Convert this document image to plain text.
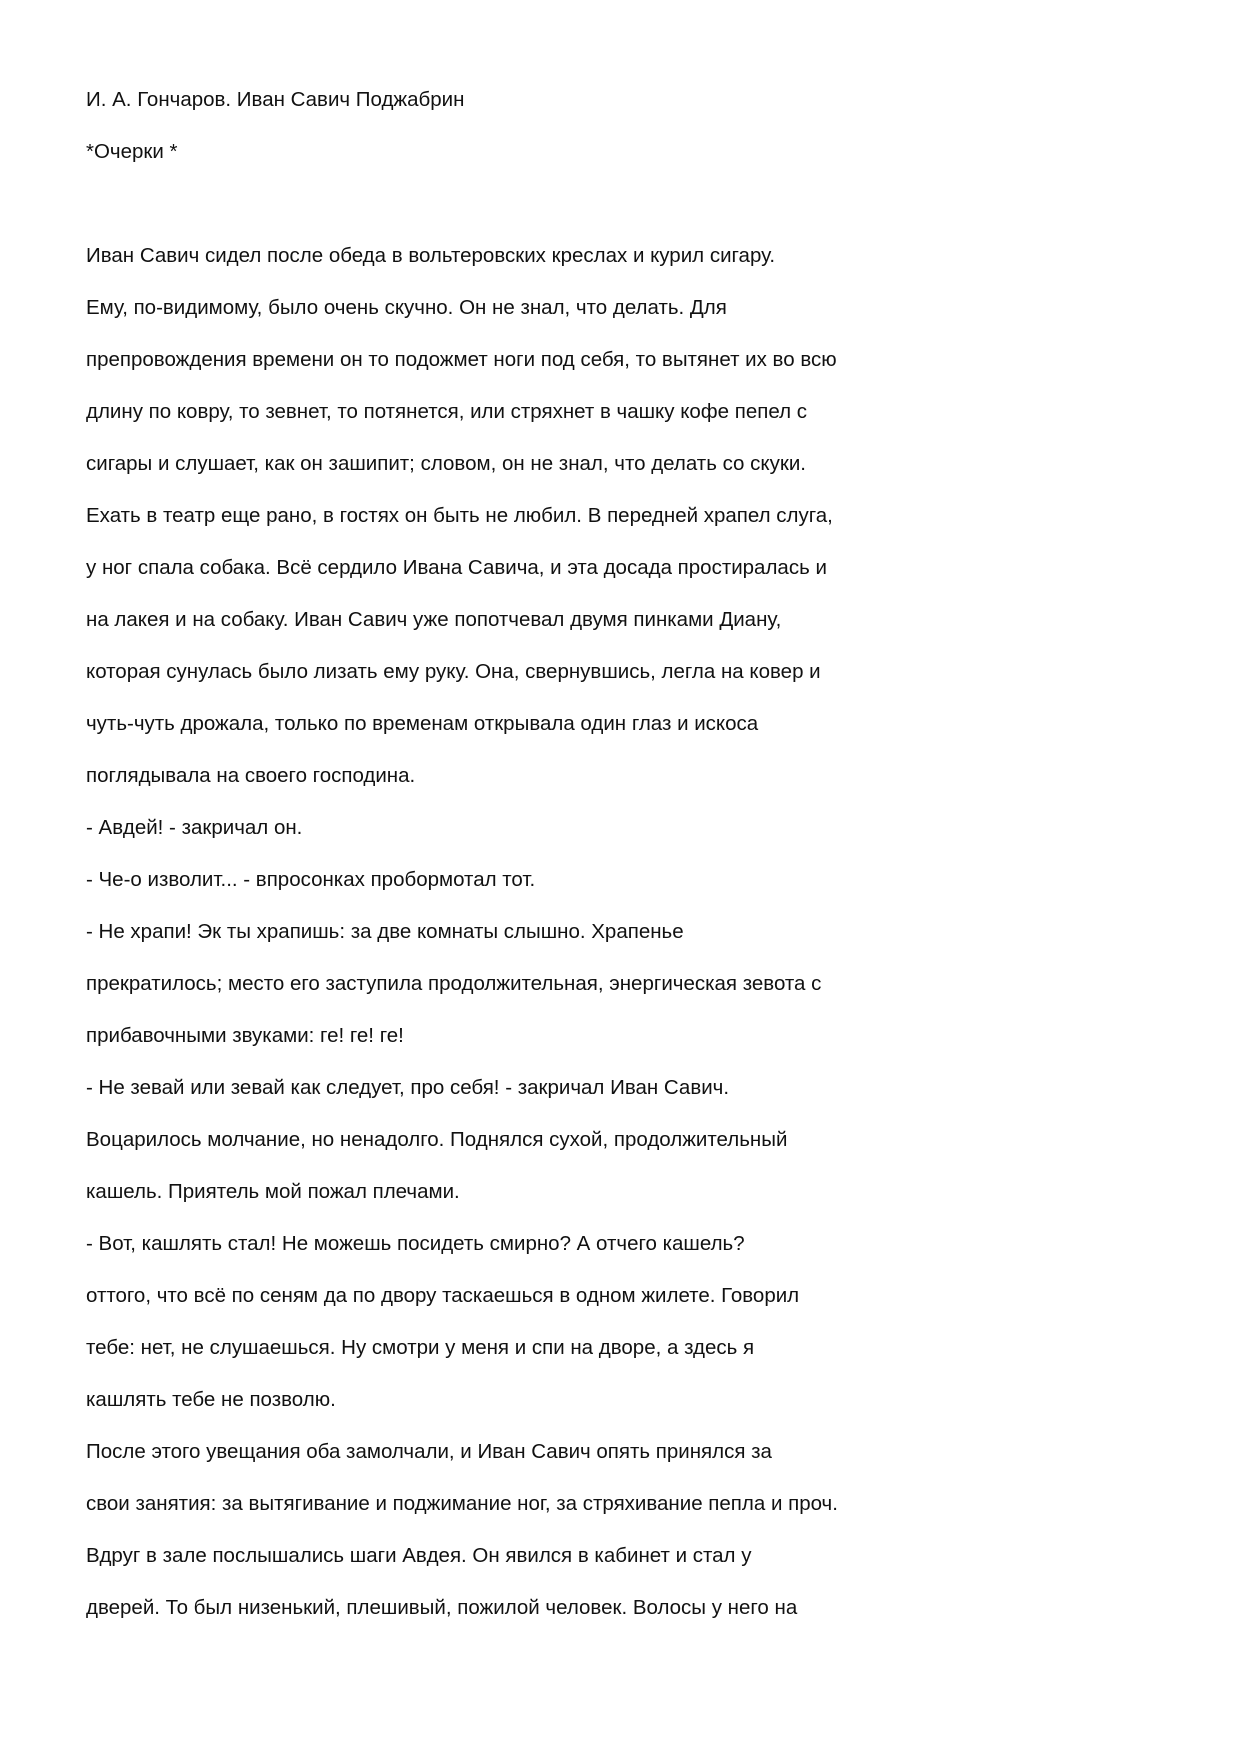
И. А. Гончаров. Иван Савич Поджабрин
*Очерки *
Иван Савич сидел после обеда в вольтеровских креслах и курил сигару.
Ему, по-видимому, было очень скучно. Он не знал, что делать. Для
препровождения времени он то подожмет ноги под себя, то вытянет их во всю
длину по ковру, то зевнет, то потянется, или стряхнет в чашку кофе пепел с
сигары и слушает, как он зашипит; словом, он не знал, что делать со скуки.
Ехать в театр еще рано, в гостях он быть не любил. В передней храпел слуга,
у ног спала собака. Всё сердило Ивана Савича, и эта досада простиралась и
на лакея и на собаку. Иван Савич уже попотчевал двумя пинками Диану,
которая сунулась было лизать ему руку. Она, свернувшись, легла на ковер и
чуть-чуть дрожала, только по временам открывала один глаз и искоса
поглядывала на своего господина.
- Авдей! - закричал он.
- Че-о изволит... - впросонках пробормотал тот.
- Не храпи! Эк ты храпишь: за две комнаты слышно. Храпенье
прекратилось; место его заступила продолжительная, энергическая зевота с
прибавочными звуками: ге! ге! ге!
- Не зевай или зевай как следует, про себя! - закричал Иван Савич.
Воцарилось молчание, но ненадолго. Поднялся сухой, продолжительный
кашель. Приятель мой пожал плечами.
- Вот, кашлять стал! Не можешь посидеть смирно? А отчего кашель?
оттого, что всё по сеням да по двору таскаешься в одном жилете. Говорил
тебе: нет, не слушаешься. Ну смотри у меня и спи на дворе, а здесь я
кашлять тебе не позволю.
После этого увещания оба замолчали, и Иван Савич опять принялся за
свои занятия: за вытягивание и поджимание ног, за стряхивание пепла и проч.
Вдруг в зале послышались шаги Авдея. Он явился в кабинет и стал у
дверей. То был низенький, плешивый, пожилой человек. Волосы у него на
